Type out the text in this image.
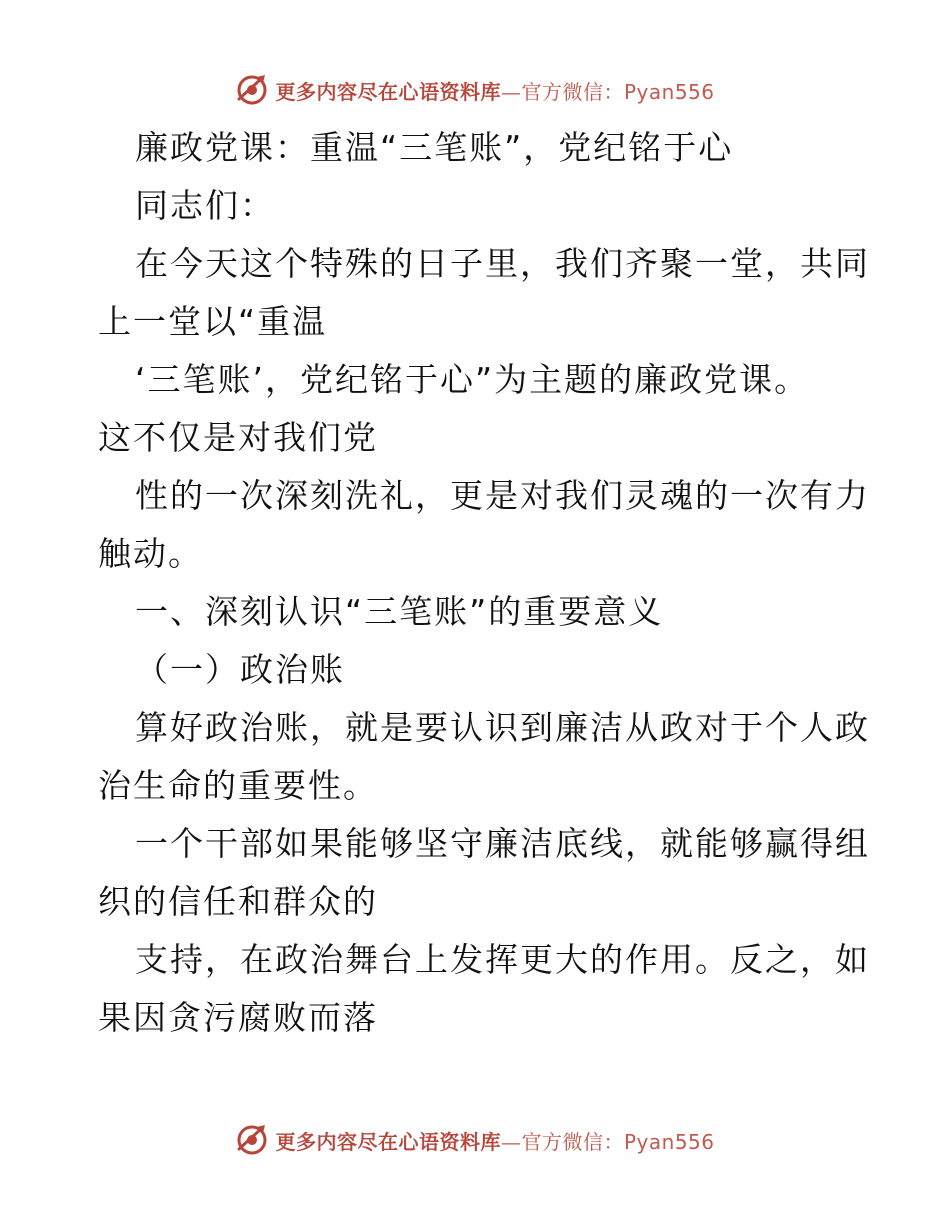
更多内容尽在心语资料库—官方微信：Pyan556
廉政党课：重温“三笔账”，党纪铭于心
同志们：
在今天这个特殊的日子里，我们齐聚一堂，共同
上一堂以“重温
‘三笔账’，党纪铭于心”为主题的廉政党课。
这不仅是对我们党
性的一次深刻洗礼，更是对我们灵魂的一次有力
触动。
一、深刻认识“三笔账”的重要意义
（一）政治账
算好政治账，就是要认识到廉洁从政对于个人政
治生命的重要性。
一个干部如果能够坚守廉洁底线，就能够赢得组
织的信任和群众的
支持，在政治舞台上发挥更大的作用。反之，如
果因贪污腐败而落
更多内容尽在心语资料库—官方微信：Pyan556
